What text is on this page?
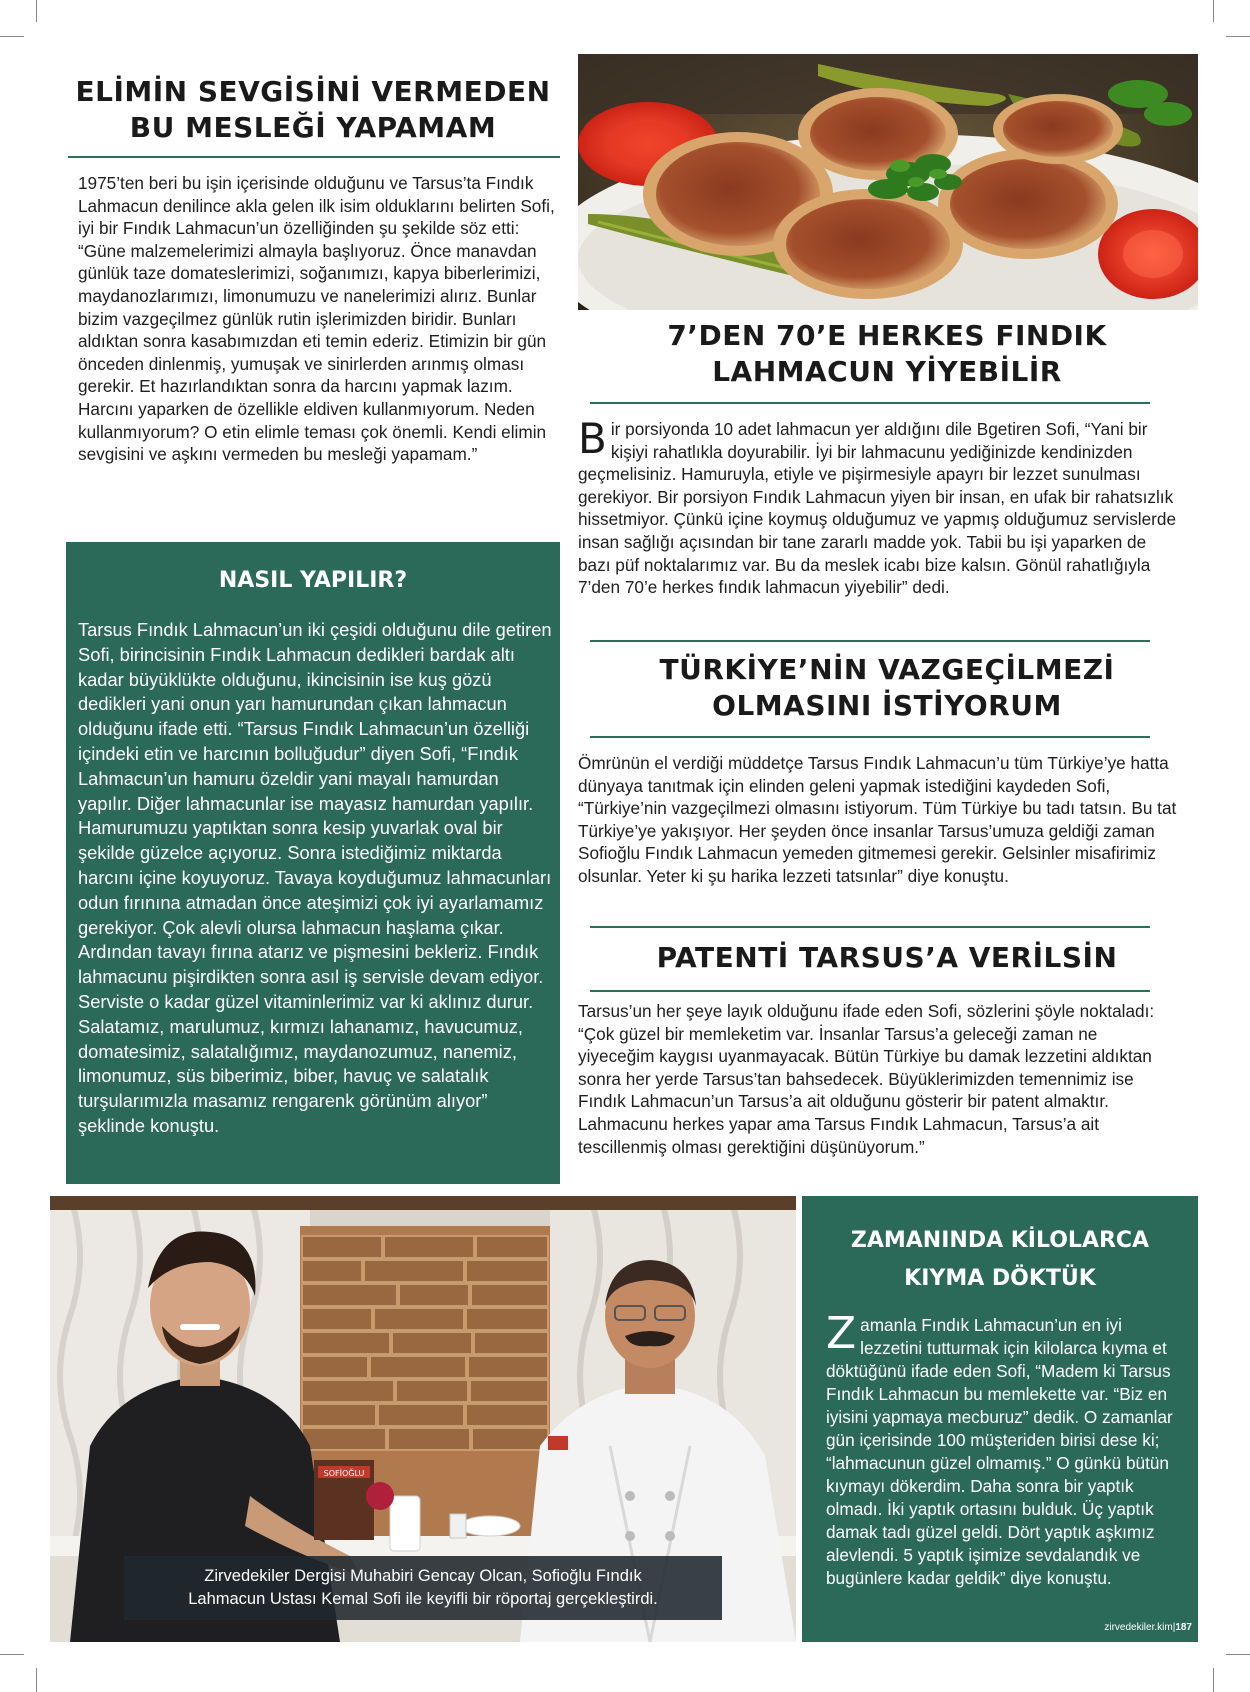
ELİMİN SEVGİSİNİ VERMEDEN
BU MESLEĞİ YAPAMAM

1975’ten beri bu işin içerisinde olduğunu ve Tarsus’ta Fındık Lahmacun denilince akla gelen ilk isim olduklarını belirten Sofi, iyi bir Fındık Lahmacun’un özelliğinden şu şekilde söz etti:

“Güne malzemelerimizi almayla başlıyoruz. Önce manavdan günlük taze domateslerimizi, soğanımızı, kapya biberlerimizi, maydanozlarımızı, limonumuzu ve nanelerimizi alırız. Bunlar bizim vazgeçilmez günlük rutin işlerimizden biridir. Bunları aldıktan sonra kasabımızdan eti temin ederiz. Etimizin bir gün önceden dinlenmiş, yumuşak ve sinirlerden arınmış olması gerekir. Et hazırlandıktan sonra da harcını yapmak lazım. Harcını yaparken de özellikle eldiven kullanmıyorum. Neden kullanmıyorum? O etin elimle teması çok önemli. Kendi elimin sevgisini ve aşkını vermeden bu mesleği yapamam.”

NASIL YAPILIR?
Tarsus Fındık Lahmacun’un iki çeşidi olduğunu dile getiren Sofi, birincisinin Fındık Lahmacun dedikleri bardak altı kadar büyüklükte olduğunu, ikincisinin ise kuş gözü dedikleri yani onun yarı hamurundan çıkan lahmacun olduğunu ifade etti. “Tarsus Fındık Lahmacun’un özelliği içindeki etin ve harcının bolluğudur” diyen Sofi, “Fındık Lahmacun’un hamuru özeldir yani mayalı hamurdan yapılır. Diğer lahmacunlar ise mayasız hamurdan yapılır. Hamurumuzu yaptıktan sonra kesip yuvarlak oval bir şekilde güzelce açıyoruz. Sonra istediğimiz miktarda harcını içine koyuyoruz. Tavaya koyduğumuz lahmacunları odun fırınına atmadan önce ateşimizi çok iyi ayarlamamız gerekiyor. Çok alevli olursa lahmacun haşlama çıkar. Ardından tavayı fırına atarız ve pişmesini bekleriz. Fındık lahmacunu pişirdikten sonra asıl iş servisle devam ediyor. Serviste o kadar güzel vitaminlerimiz var ki aklınız durur. Salatamız, marulumuz, kırmızı lahanamız, havucumuz, domatesimiz, salatalığımız, maydanozumuz, nanemiz, limonumuz, süs biberimiz, biber, havuç ve salatalık turşularımızla masamız rengarenk görünüm alıyor” şeklinde konuştu.
7’DEN 70’E HERKES FINDIK
LAHMACUN YİYEBİLİR
B ir porsiyonda 10 adet lahmacun yer aldığını dile Bgetiren Sofi, “Yani bir kişiyi rahatlıkla doyurabilir. İyi bir lahmacunu yediğinizde kendinizden geçmelisiniz. Hamuruyla, etiyle ve pişirmesiyle apayrı bir lezzet sunulması gerekiyor. Bir porsiyon Fındık Lahmacun yiyen bir insan, en ufak bir rahatsızlık hissetmiyor. Çünkü içine koymuş olduğumuz ve yapmış olduğumuz servislerde insan sağlığı açısından bir tane zararlı madde yok. Tabii bu işi yaparken de bazı püf noktalarımız var. Bu da meslek icabı bize kalsın. Gönül rahatlığıyla 7’den 70’e herkes fındık lahmacun yiyebilir” dedi.
TÜRKİYE’NİN VAZGEÇİLMEZİ
OLMASINI İSTİYORUM

Ömrünün el verdiği müddetçe Tarsus Fındık Lahmacun’u tüm Türkiye’ye hatta dünyaya tanıtmak için elinden geleni yapmak istediğini kaydeden Sofi, “Türkiye’nin vazgeçilmezi olmasını istiyorum. Tüm Türkiye bu tadı tatsın. Bu tat Türkiye’ye yakışıyor. Her şeyden önce insanlar Tarsus’umuza geldiği zaman Sofioğlu Fındık Lahmacun yemeden gitmemesi gerekir. Gelsinler misafirimiz olsunlar. Yeter ki şu harika lezzeti tatsınlar” diye konuştu.

PATENTİ TARSUS’A VERİLSİN

Tarsus’un her şeye layık olduğunu ifade eden Sofi, sözlerini şöyle noktaladı:

“Çok güzel bir memleketim var. İnsanlar Tarsus’a geleceği zaman ne yiyeceğim kaygısı uyanmayacak. Bütün Türkiye bu damak lezzetini aldıktan sonra her yerde Tarsus’tan bahsedecek. Büyüklerimizden temennimiz ise Fındık Lahmacun’un Tarsus’a ait olduğunu gösterir bir patent almaktır. Lahmacunu herkes yapar ama Tarsus Fındık Lahmacun, Tarsus’a ait tescillenmiş olması gerektiğini düşünüyorum.”

SOFİOĞLU
Zirvedekiler Dergisi Muhabiri Gencay Olcan, Sofioğlu Fındık
Lahmacun Ustası Kemal Sofi ile keyifli bir röportaj gerçekleştirdi.
ZAMANINDA KİLOLARCA
KIYMA DÖKTÜK
Z amanla Fındık Lahmacun’un en iyi lezzetini tutturmak için kilolarca kıyma et döktüğünü ifade eden Sofi, “Madem ki Tarsus Fındık Lahmacun bu memlekette var. “Biz en iyisini yapmaya mecburuz” dedik. O zamanlar gün içerisinde 100 müşteriden birisi dese ki; “lahmacunun güzel olmamış.” O günkü bütün kıymayı dökerdim. Daha sonra bir yaptık olmadı. İki yaptık ortasını bulduk. Üç yaptık damak tadı güzel geldi. Dört yaptık aşkımız alevlendi. 5 yaptık işimize sevdalandık ve bugünlere kadar geldik” diye konuştu.
zirvedekiler.kim|187
